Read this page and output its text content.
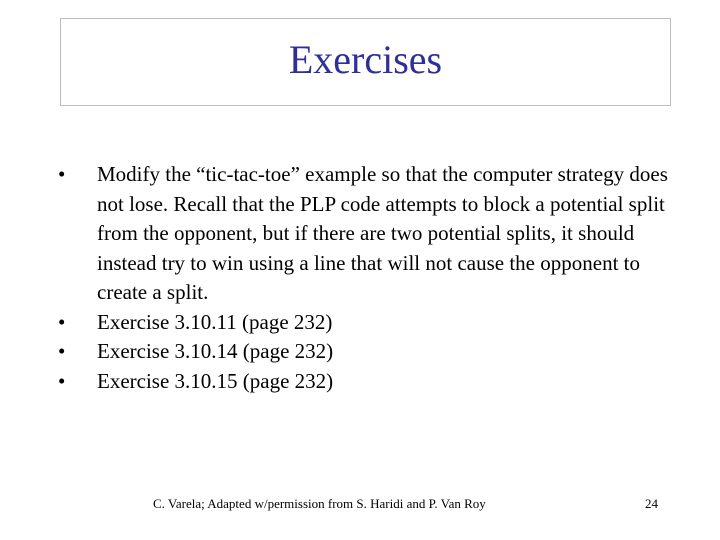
Exercises
•	Modify the “tic-tac-toe” example so that the computer strategy does not lose. Recall that the PLP code attempts to block a potential split from the opponent, but if there are two potential splits, it should instead try to win using a line that will not cause the opponent to create a split.
•	Exercise 3.10.11 (page 232)
•	Exercise 3.10.14 (page 232)
•	Exercise 3.10.15 (page 232)
C. Varela; Adapted w/permission from S. Haridi and P. Van Roy	24
